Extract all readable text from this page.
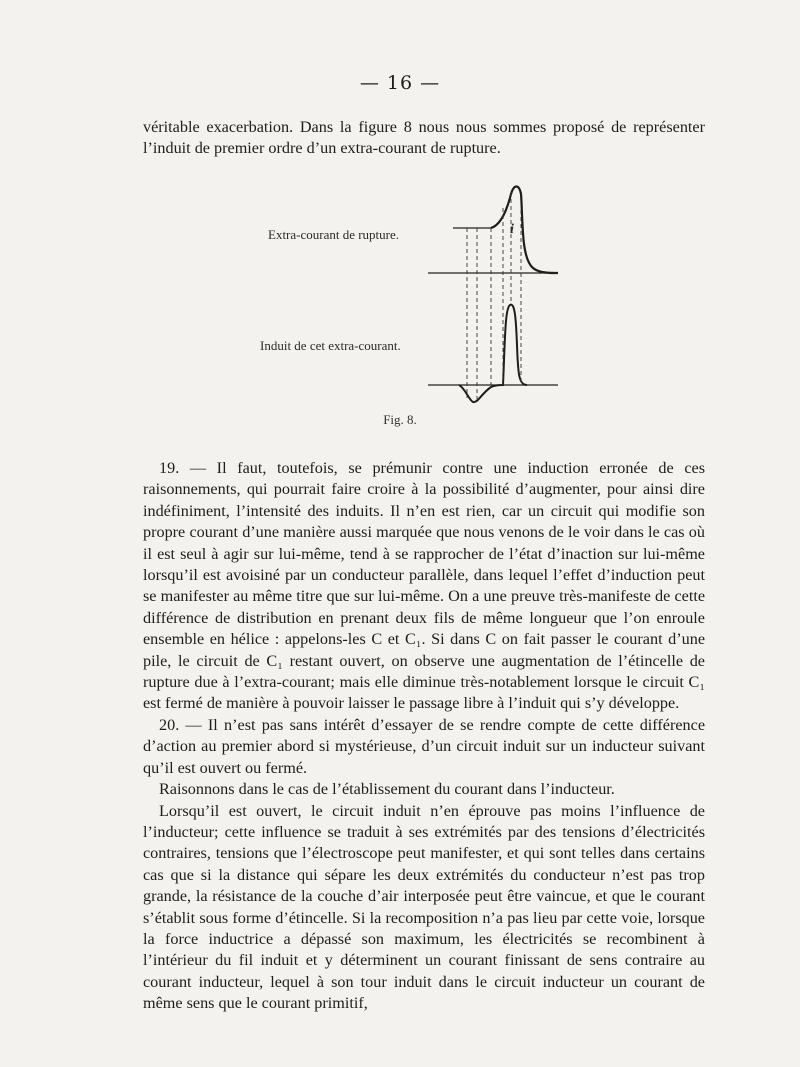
— 16 —

véritable exacerbation. Dans la figure 8 nous nous sommes proposé de représenter l’induit de premier ordre d’un extra-courant de rupture.

Extra-courant de rupture.
Induit de cet extra-courant.
i
Fig. 8.

19. — Il faut, toutefois, se prémunir contre une induction erronée de ces raisonnements, qui pourrait faire croire à la possibilité d’augmenter, pour ainsi dire indéfiniment, l’intensité des induits. Il n’en est rien, car un circuit qui modifie son propre courant d’une manière aussi marquée que nous venons de le voir dans le cas où il est seul à agir sur lui-même, tend à se rapprocher de l’état d’inaction sur lui-même lorsqu’il est avoisiné par un conducteur parallèle, dans lequel l’effet d’induction peut se manifester au même titre que sur lui-même. On a une preuve très-manifeste de cette différence de distribution en prenant deux fils de même longueur que l’on enroule ensemble en hélice : appelons-les C et C₁. Si dans C on fait passer le courant d’une pile, le circuit de C₁ restant ouvert, on observe une augmentation de l’étincelle de rupture due à l’extra-courant; mais elle diminue très-notablement lorsque le circuit C₁ est fermé de manière à pouvoir laisser le passage libre à l’induit qui s’y développe.

20. — Il n’est pas sans intérêt d’essayer de se rendre compte de cette différence d’action au premier abord si mystérieuse, d’un circuit induit sur un inducteur suivant qu’il est ouvert ou fermé.

Raisonnons dans le cas de l’établissement du courant dans l’inducteur.

Lorsqu’il est ouvert, le circuit induit n’en éprouve pas moins l’influence de l’inducteur; cette influence se traduit à ses extrémités par des tensions d’électricités contraires, tensions que l’électroscope peut manifester, et qui sont telles dans certains cas que si la distance qui sépare les deux extrémités du conducteur n’est pas trop grande, la résistance de la couche d’air interposée peut être vaincue, et que le courant s’établit sous forme d’étincelle. Si la recomposition n’a pas lieu par cette voie, lorsque la force inductrice a dépassé son maximum, les électricités se recombinent à l’intérieur du fil induit et y déterminent un courant finissant de sens contraire au courant inducteur, lequel à son tour induit dans le circuit inducteur un courant de même sens que le courant primitif,
